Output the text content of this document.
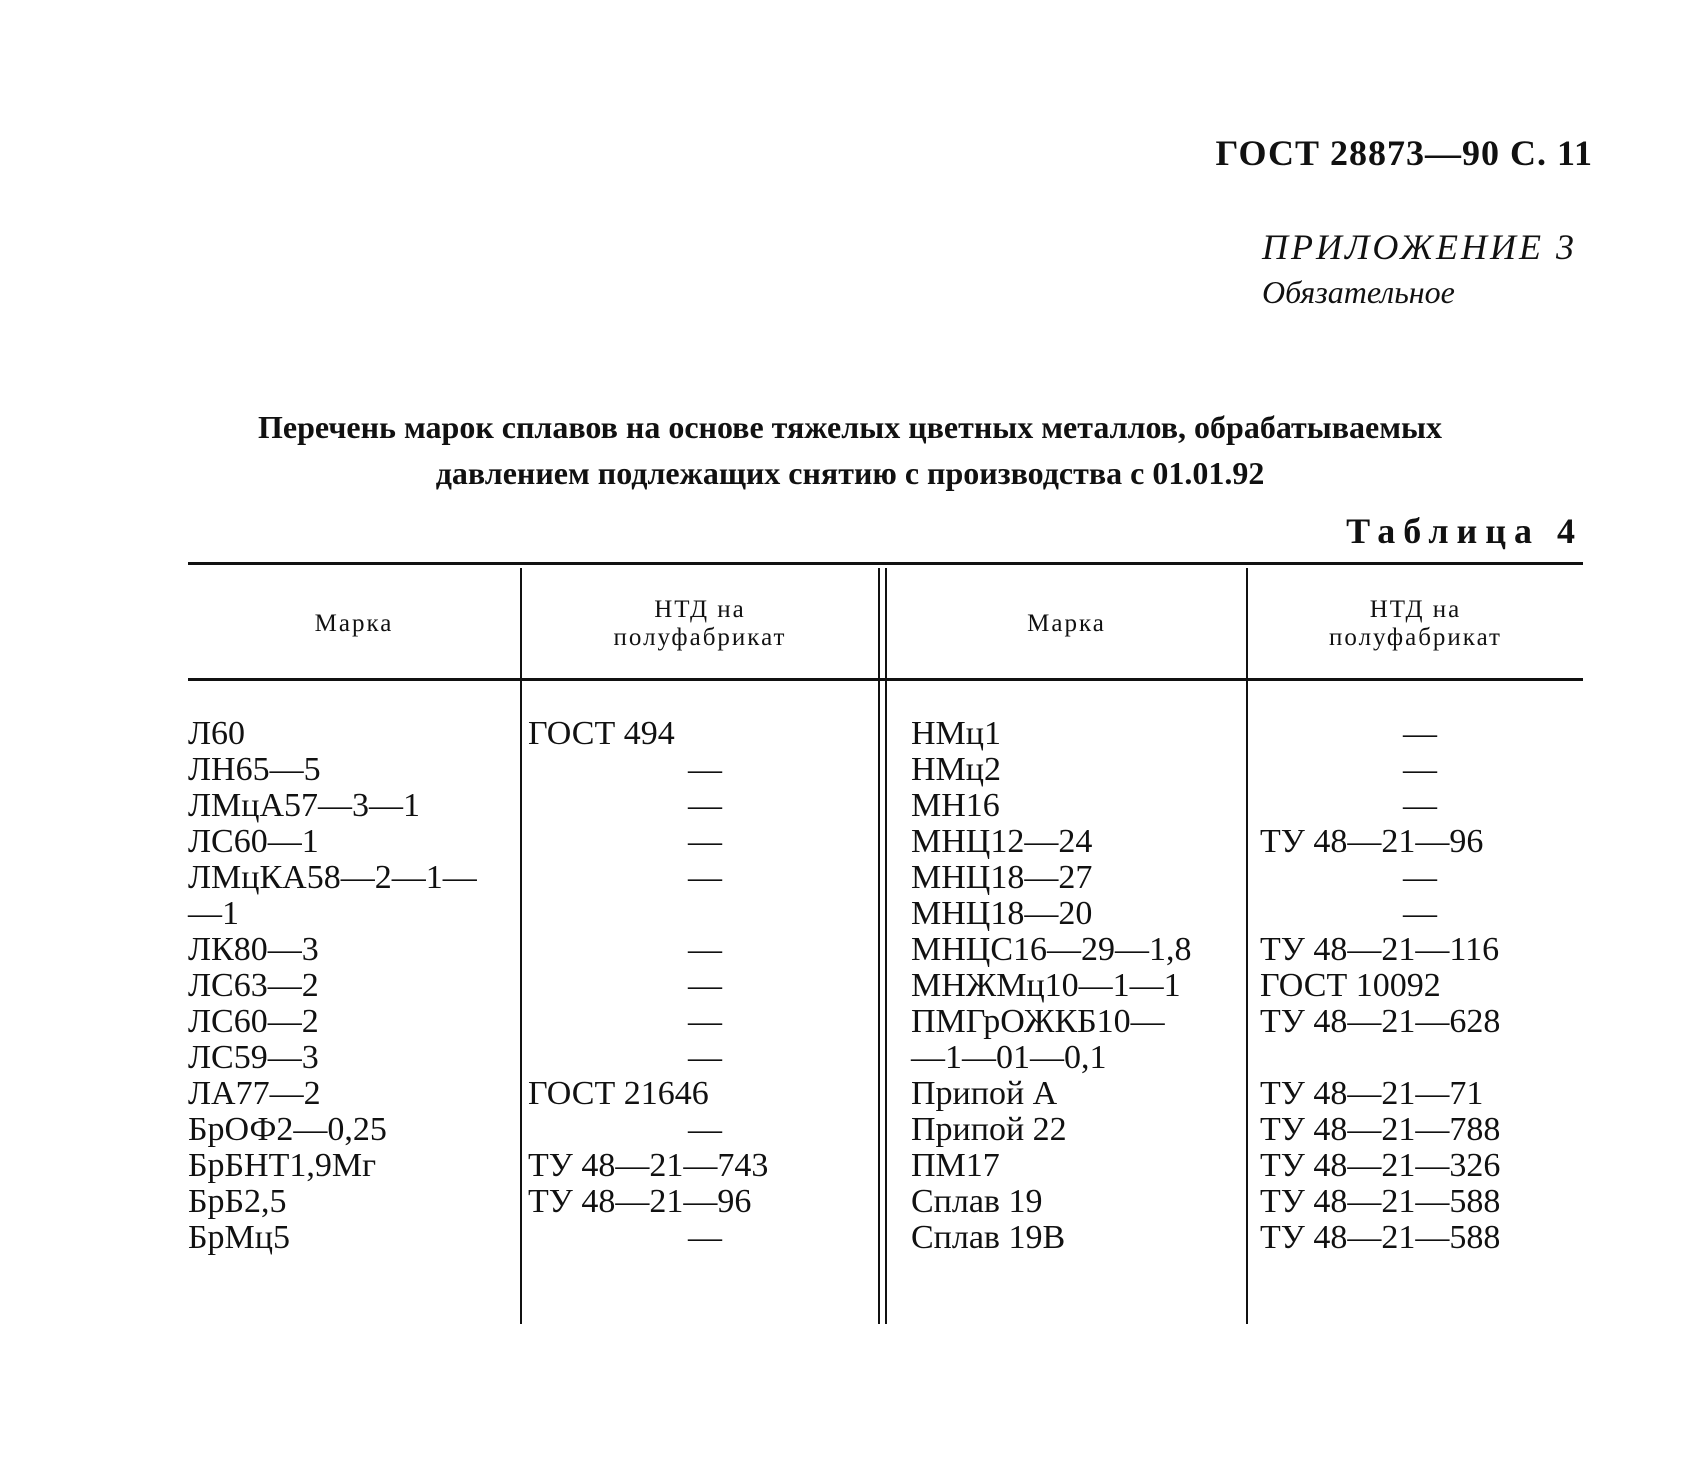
ГОСТ 28873—90 С. 11
ПРИЛОЖЕНИЕ 3
Обязательное
Перечень марок сплавов на основе тяжелых цветных металлов, обрабатываемых
давлением подлежащих снятию с производства с 01.01.92
Таблица 4
Марка
НТД на
полуфабрикат
Марка
НТД на
полуфабрикат
Л60
ЛН65—5
ЛМцА57—3—1
ЛС60—1
ЛМцКА58—2—1—
—1
ЛК80—3
ЛС63—2
ЛС60—2
ЛС59—3
ЛА77—2
БрОФ2—0,25
БрБНТ1,9Мг
БрБ2,5
БрМц5
ГОСТ 494
—
—
—
—
—
—
—
—
ГОСТ 21646
—
ТУ 48—21—743
ТУ 48—21—96
—
НМц1
НМц2
МН16
МНЦ12—24
МНЦ18—27
МНЦ18—20
МНЦС16—29—1,8
МНЖМц10—1—1
ПМГрОЖКБ10—
—1—01—0,1
Припой А
Припой 22
ПМ17
Сплав 19
Сплав 19В
—
—
—
ТУ 48—21—96
—
—
ТУ 48—21—116
ГОСТ 10092
ТУ 48—21—628
ТУ 48—21—71
ТУ 48—21—788
ТУ 48—21—326
ТУ 48—21—588
ТУ 48—21—588
